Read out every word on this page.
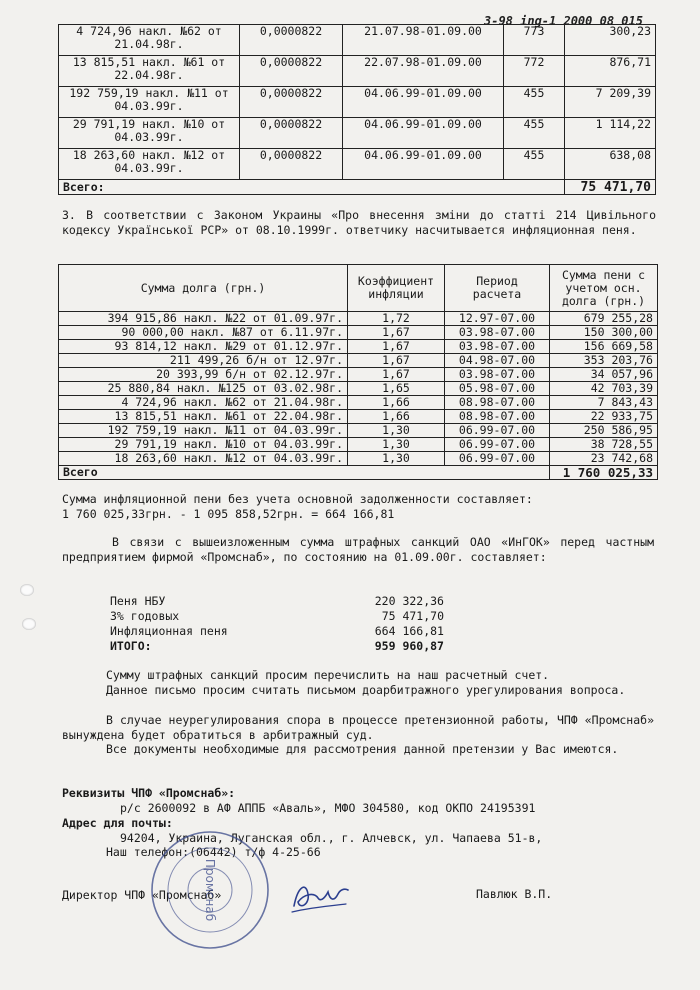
3-98 ing-1 2000 08 015
4 724,96 накл. №62 от 21.04.98г.	0,0000822	21.07.98-01.09.00	773	300,23
13 815,51 накл. №61 от 22.04.98г.	0,0000822	22.07.98-01.09.00	772	876,71
192 759,19 накл. №11 от 04.03.99г.	0,0000822	04.06.99-01.09.00	455	7 209,39
29 791,19 накл. №10 от 04.03.99г.	0,0000822	04.06.99-01.09.00	455	1 114,22
18 263,60 накл. №12 от 04.03.99г.	0,0000822	04.06.99-01.09.00	455	638,08
Всего:				75 471,70
3. В соответствии с Законом Украины «Про внесення зміни до статті 214 Цивільного кодексу Української РСР» от 08.10.1999г. ответчику насчитывается инфляционная пеня.
Сумма долга (грн.)	Коэффициент инфляции	Период расчета	Сумма пени с учетом осн. долга (грн.)
394 915,86 накл. №22 от 01.09.97г.	1,72	12.97-07.00	679 255,28
90 000,00 накл. №87 от 6.11.97г.	1,67	03.98-07.00	150 300,00
93 814,12 накл. №29 от 01.12.97г.	1,67	03.98-07.00	156 669,58
211 499,26 б/н от 12.97г.	1,67	04.98-07.00	353 203,76
20 393,99 б/н от 02.12.97г.	1,67	03.98-07.00	34 057,96
25 880,84 накл. №125 от 03.02.98г.	1,65	05.98-07.00	42 703,39
4 724,96 накл. №62 от 21.04.98г.	1,66	08.98-07.00	7 843,43
13 815,51 накл. №61 от 22.04.98г.	1,66	08.98-07.00	22 933,75
192 759,19 накл. №11 от 04.03.99г.	1,30	06.99-07.00	250 586,95
29 791,19 накл. №10 от 04.03.99г.	1,30	06.99-07.00	38 728,55
18 263,60 накл. №12 от 04.03.99г.	1,30	06.99-07.00	23 742,68
Всего			1 760 025,33
Сумма инфляционной пени без учета основной задолженности составляет:
1 760 025,33грн. - 1 095 858,52грн. = 664 166,81
В связи с вышеизложенным сумма штрафных санкций ОАО «ИнГОК» перед частным предприятием фирмой «Промснаб», по состоянию на 01.09.00г. составляет:
Пеня НБУ	220 322,36
3% годовых	75 471,70
Инфляционная пеня	664 166,81
ИТОГО:	959 960,87
Сумму штрафных санкций просим перечислить на наш расчетный счет.
Данное письмо просим считать письмом доарбитражного урегулирования вопроса.
В случае неурегулирования спора в процессе претензионной работы, ЧПФ «Промснаб» вынуждена будет обратиться в арбитражный суд.
Все документы необходимые для рассмотрения данной претензии у Вас имеются.
Реквизиты ЧПФ «Промснаб»:
р/с 2600092 в АФ АППБ «Аваль», МФО 304580, код ОКПО 24195391
Адрес для почты:
94204, Украина, Луганская обл., г. Алчевск, ул. Чапаева 51-в,
Наш телефон:(06442) т/ф 4-25-66
Директор ЧПФ «Промснаб»	Павлюк В.П.
Промснаб
